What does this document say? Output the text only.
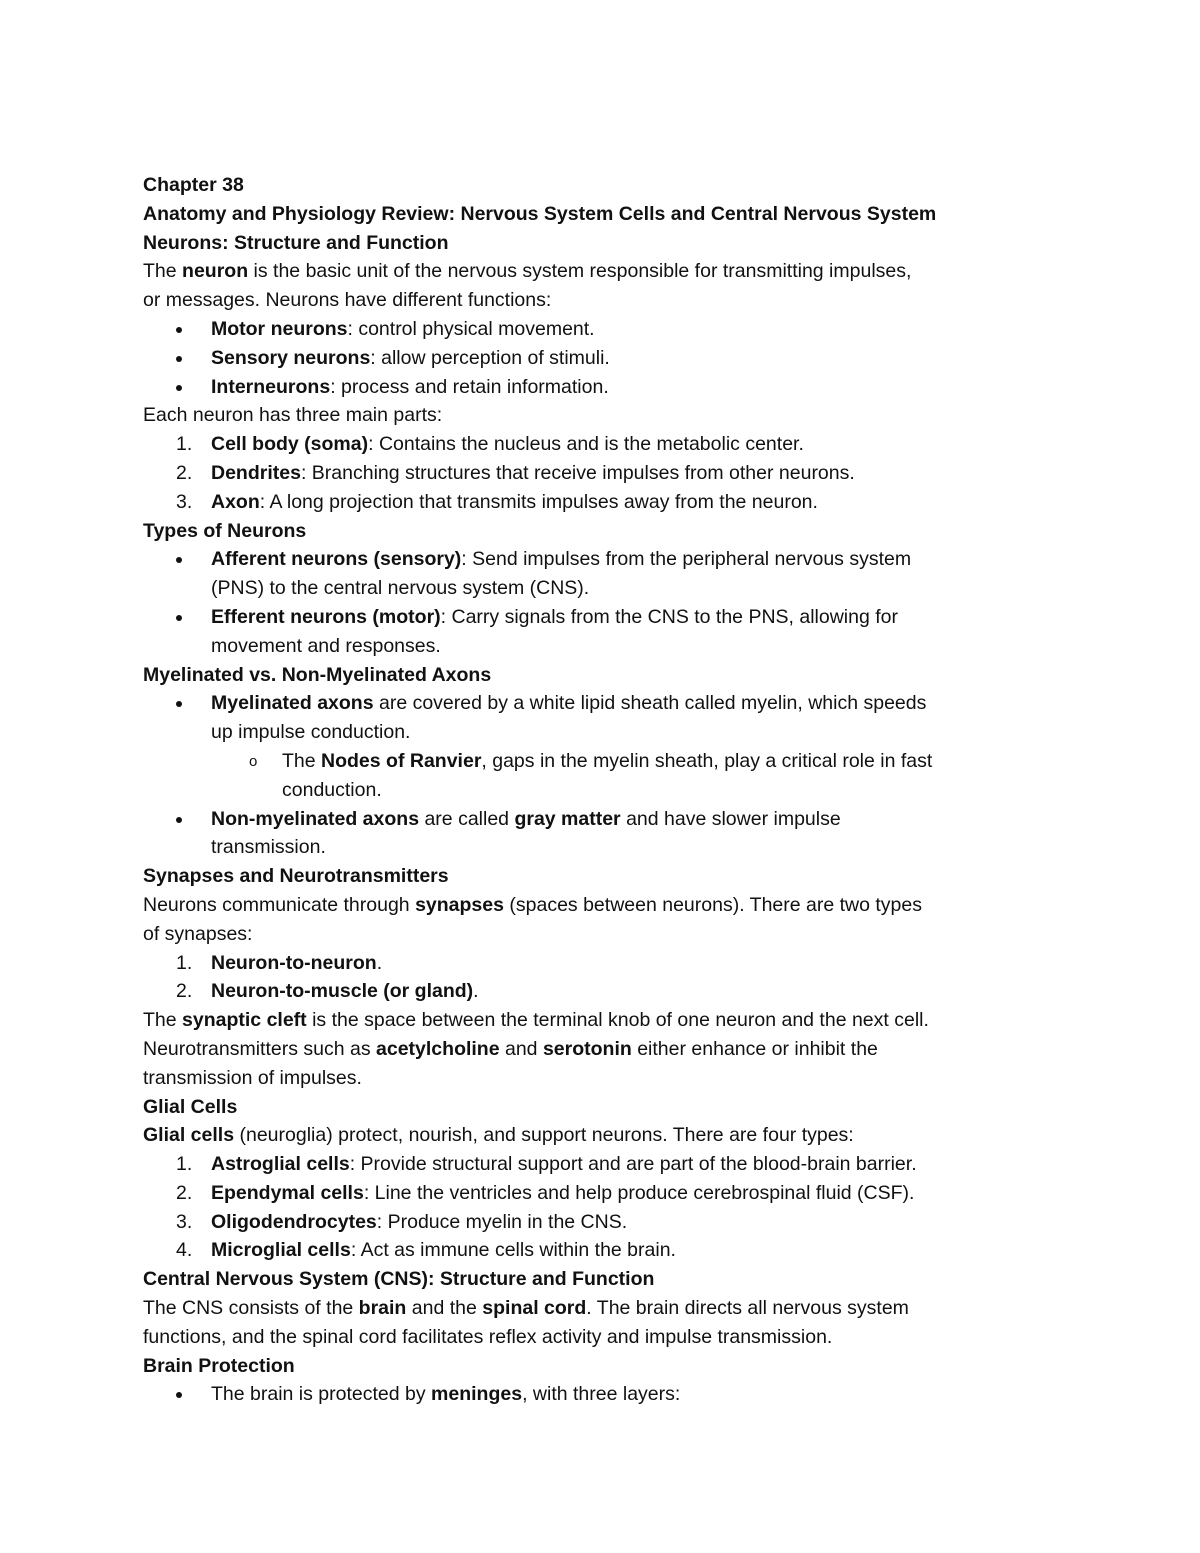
Chapter 38
Anatomy and Physiology Review: Nervous System Cells and Central Nervous System
Neurons: Structure and Function
The neuron is the basic unit of the nervous system responsible for transmitting impulses,
or messages. Neurons have different functions:
Motor neurons: control physical movement.
Sensory neurons: allow perception of stimuli.
Interneurons: process and retain information.
Each neuron has three main parts:
1. Cell body (soma): Contains the nucleus and is the metabolic center.
2. Dendrites: Branching structures that receive impulses from other neurons.
3. Axon: A long projection that transmits impulses away from the neuron.
Types of Neurons
Afferent neurons (sensory): Send impulses from the peripheral nervous system
(PNS) to the central nervous system (CNS).
Efferent neurons (motor): Carry signals from the CNS to the PNS, allowing for
movement and responses.
Myelinated vs. Non-Myelinated Axons
Myelinated axons are covered by a white lipid sheath called myelin, which speeds
up impulse conduction.
o The Nodes of Ranvier, gaps in the myelin sheath, play a critical role in fast
conduction.
Non-myelinated axons are called gray matter and have slower impulse
transmission.
Synapses and Neurotransmitters
Neurons communicate through synapses (spaces between neurons). There are two types
of synapses:
1. Neuron-to-neuron.
2. Neuron-to-muscle (or gland).
The synaptic cleft is the space between the terminal knob of one neuron and the next cell.
Neurotransmitters such as acetylcholine and serotonin either enhance or inhibit the
transmission of impulses.
Glial Cells
Glial cells (neuroglia) protect, nourish, and support neurons. There are four types:
1. Astroglial cells: Provide structural support and are part of the blood-brain barrier.
2. Ependymal cells: Line the ventricles and help produce cerebrospinal fluid (CSF).
3. Oligodendrocytes: Produce myelin in the CNS.
4. Microglial cells: Act as immune cells within the brain.
Central Nervous System (CNS): Structure and Function
The CNS consists of the brain and the spinal cord. The brain directs all nervous system
functions, and the spinal cord facilitates reflex activity and impulse transmission.
Brain Protection
The brain is protected by meninges, with three layers:
